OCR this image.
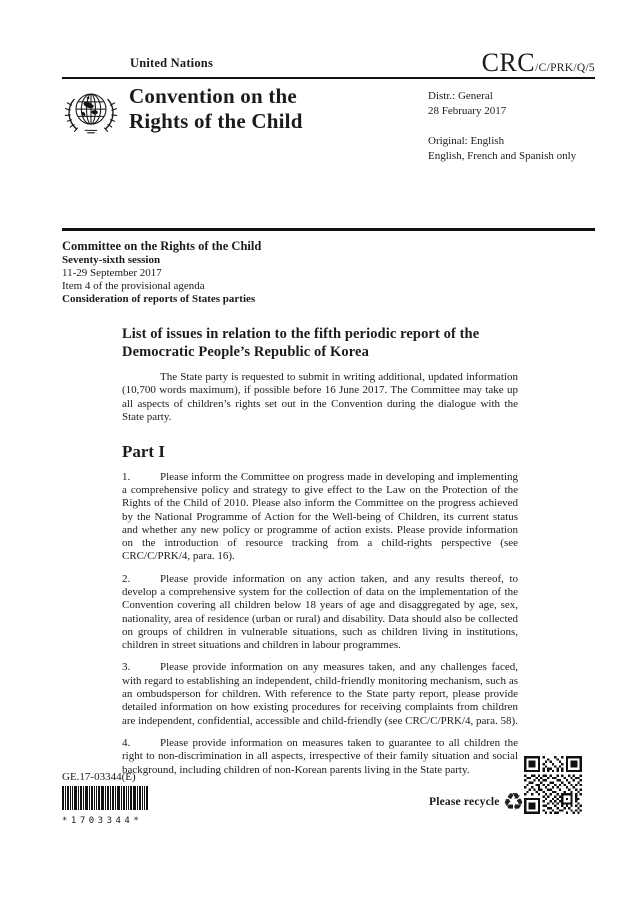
United Nations	CRC/C/PRK/Q/5
Convention on the
Rights of the Child
Distr.: General
28 February 2017
Original: English
English, French and Spanish only
Committee on the Rights of the Child
Seventy-sixth session
11-29 September 2017
Item 4 of the provisional agenda
Consideration of reports of States parties
List of issues in relation to the fifth periodic report of the
Democratic People’s Republic of Korea

The State party is requested to submit in writing additional, updated information (10,700 words maximum), if possible before 16 June 2017. The Committee may take up all aspects of children’s rights set out in the Convention during the dialogue with the State party.

Part I

1.	Please inform the Committee on progress made in developing and implementing a comprehensive policy and strategy to give effect to the Law on the Protection of the Rights of the Child of 2010. Please also inform the Committee on the progress achieved by the National Programme of Action for the Well-being of Children, its current status and whether any new policy or programme of action exists. Please provide information on the introduction of resource tracking from a child-rights perspective (see CRC/C/PRK/4, para. 16).

2.	Please provide information on any action taken, and any results thereof, to develop a comprehensive system for the collection of data on the implementation of the Convention covering all children below 18 years of age and disaggregated by age, sex, nationality, area of residence (urban or rural) and disability. Data should also be collected on groups of children in vulnerable situations, such as children living in institutions, children in street situations and children in labour programmes.

3.	Please provide information on any measures taken, and any challenges faced, with regard to establishing an independent, child-friendly monitoring mechanism, such as an ombudsperson for children. With reference to the State party report, please provide detailed information on how existing procedures for receiving complaints from children are independent, confidential, accessible and child-friendly (see CRC/C/PRK/4, para. 58).

4.	Please provide information on measures taken to guarantee to all children the right to non-discrimination in all aspects, irrespective of their family situation and social background, including children of non-Korean parents living in the State party.

GE.17-03344(E)
*1703344*
Please recycle ♻
